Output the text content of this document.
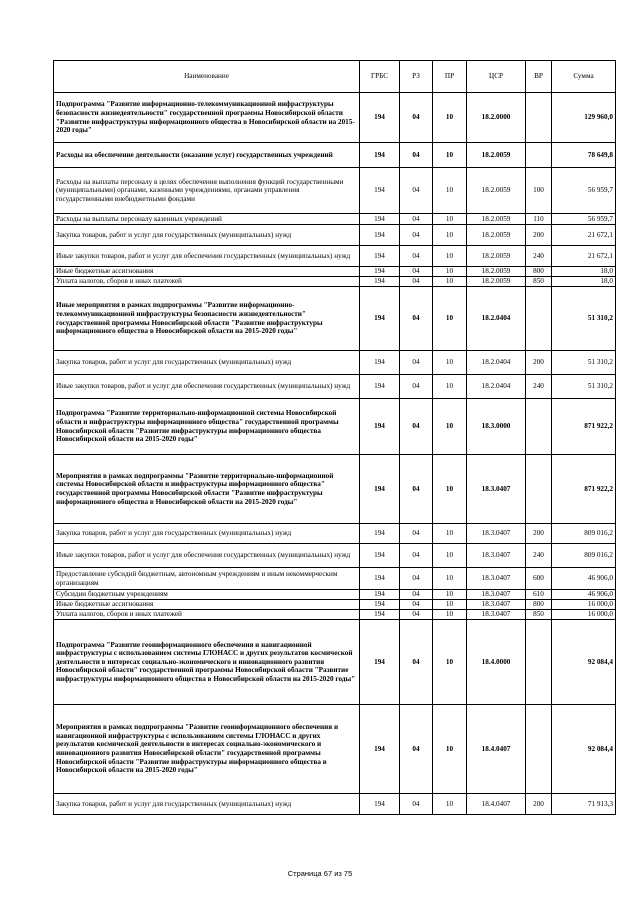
Наименование	ГРБС	РЗ	ПР	ЦСР	ВР	Сумма
Подпрограмма "Развитие информационно-телекоммуникационной инфраструктуры безопасности жизнедеятельности" государственной программы Новосибирской области "Развитие инфраструктуры информационного общества в Новосибирской области на 2015-2020 годы"	194	04	10	18.2.0000		129 960,0
Расходы на обеспечение деятельности (оказание услуг) государственных учреждений	194	04	10	18.2.0059		78 649,8
Расходы на выплаты персоналу в целях обеспечения выполнения функций государственными (муниципальными) органами, казенными учреждениями, органами управления государственными внебюджетными фондами	194	04	10	18.2.0059	100	56 959,7
Расходы на выплаты персоналу казенных учреждений	194	04	10	18.2.0059	110	56 959,7
Закупка товаров, работ и услуг для государственных (муниципальных) нужд	194	04	10	18.2.0059	200	21 672,1
Иные закупки товаров, работ и услуг для обеспечения государственных (муниципальных) нужд	194	04	10	18.2.0059	240	21 672,1
Иные бюджетные ассигнования	194	04	10	18.2.0059	800	18,0
Уплата налогов, сборов и иных платежей	194	04	10	18.2.0059	850	18,0
Иные мероприятия в рамках подпрограммы "Развитие информационно-телекоммуникационной инфраструктуры безопасности жизнедеятельности" государственной программы Новосибирской области "Развитие инфраструктуры информационного общества в Новосибирской области на 2015-2020 годы"	194	04	10	18.2.0404		51 310,2
Закупка товаров, работ и услуг для государственных (муниципальных) нужд	194	04	10	18.2.0404	200	51 310,2
Иные закупки товаров, работ и услуг для обеспечения государственных (муниципальных) нужд	194	04	10	18.2.0404	240	51 310,2
Подпрограмма "Развитие территориально-информационной системы Новосибирской области и инфраструктуры информационного общества" государственной программы Новосибирской области "Развитие инфраструктуры информационного общества Новосибирской области на 2015-2020 годы"	194	04	10	18.3.0000		871 922,2
Мероприятия в рамках подпрограммы "Развитие территориально-информационной системы Новосибирской области и инфраструктуры информационного общества" государственной программы Новосибирской области "Развитие инфраструктуры информационного общества в Новосибирской области на 2015-2020 годы"	194	04	10	18.3.0407		871 922,2
Закупка товаров, работ и услуг для государственных (муниципальных) нужд	194	04	10	18.3.0407	200	809 016,2
Иные закупки товаров, работ и услуг для обеспечения государственных (муниципальных) нужд	194	04	10	18.3.0407	240	809 016,2
Предоставление субсидий бюджетным, автономным учреждениям и иным некоммерческим организациям	194	04	10	18.3.0407	600	46 906,0
Субсидии бюджетным учреждениям	194	04	10	18.3.0407	610	46 906,0
Иные бюджетные ассигнования	194	04	10	18.3.0407	800	16 000,0
Уплата налогов, сборов и иных платежей	194	04	10	18.3.0407	850	16 000,0
Подпрограмма "Развитие геоинформационного обеспечения и навигационной инфраструктуры с использованием системы ГЛОНАСС и других результатов космической деятельности в интересах социально-экономического и инновационного развития Новосибирской области" государственной программы Новосибирской области "Развитие инфраструктуры информационного общества в Новосибирской области на 2015-2020 годы"	194	04	10	18.4.0000		92 084,4
Мероприятия в рамках подпрограммы "Развитие геоинформационного обеспечения и навигационной инфраструктуры с использованием системы ГЛОНАСС и других результатов космической деятельности в интересах социально-экономического и инновационного развития Новосибирской области" государственной программы Новосибирской области "Развитие инфраструктуры информационного общества в Новосибирской области на 2015-2020 годы"	194	04	10	18.4.0407		92 084,4
Закупка товаров, работ и услуг для государственных (муниципальных) нужд	194	04	10	18.4.0407	200	71 913,3
Страница 67 из 75
